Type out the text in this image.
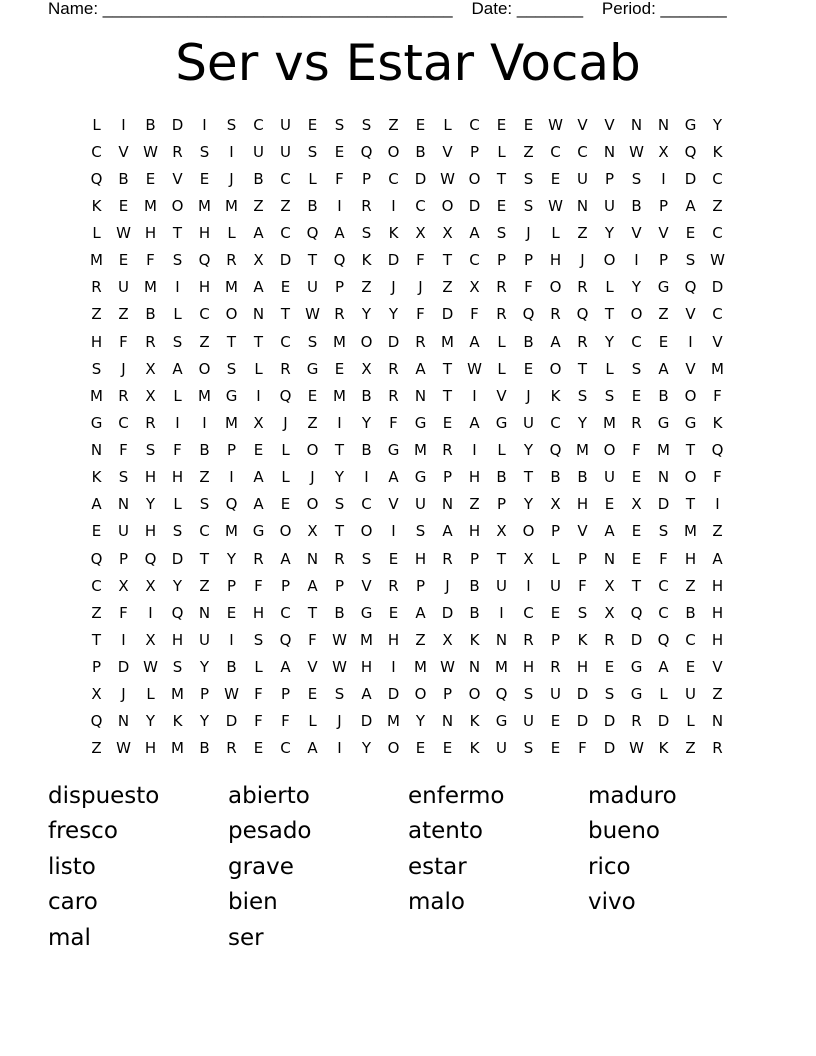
Name: _____________________________________    Date: _______    Period: _______
Ser vs Estar Vocab
L	I	B	D	I	S	C	U	E	S	S	Z	E	L	C	E	E W V	V	N	N	G	Y
C	V W R	S	I	U	U	S	E	Q	O	B	V	P	L	Z	C	C	N W X	Q	K
Q	B	E	V	E	J	B	C	L	F	P	C	D W O	T	S	E	U	P	S	I	D	C
K	E	M O M M	Z	Z	B	I	R	I	C	O	D	E	S W N	U	B	P	A	Z
L	W H	T	H	L	A	C	Q	A	S	K	X	X	A	S	J	L	Z	Y	V	V	E	C
M	E	F	S	Q	R	X	D	T	Q	K	D	F	T	C	P	P	H	J	O	I	P	S W
R	U	M	I	H M	A	E	U	P	Z	J	J	Z	X	R	F	O	R	L	Y	G	Q	D
Z	Z	B	L	C	O	N	T	W R	Y	Y	F	D	F	R	Q	R	Q	T	O	Z	V	C
H	F	R	S	Z	T	T	C	S	M O	D	R	M	A	L	B	A	R	Y	C	E	I	V
S	J	X	A	O	S	L	R	G	E	X	R	A	T	W	L	E	O	T	L	S	A	V	M
M	R	X	L	M G	I	Q	E	M	B	R	N	T	I	V	J	K	S	S	E	B	O	F
G	C	R	I	I	M	X	J	Z	I	Y	F	G	E	A	G	U	C	Y	M	R	G	G	K
N	F	S	F	B	P	E	L	O	T	B	G M	R	I	L	Y	Q M O	F	M	T	Q
K	S	H	H	Z	I	A	L	J	Y	I	A	G	P	H	B	T	B	B	U	E	N	O	F
A	N	Y	L	S	Q	A	E	O	S	C	V	U	N	Z	P	Y	X	H	E	X	D	T	I
E	U	H	S	C	M G	O	X	T	O	I	S	A	H	X	O	P	V	A	E	S	M	Z
Q	P	Q	D	T	Y	R	A	N	R	S	E	H	R	P	T	X	L	P	N	E	F	H	A
C	X	X	Y	Z	P	F	P	A	P	V	R	P	J	B	U	I	U	F	X	T	C	Z	H
Z	F	I	Q	N	E	H	C	T	B	G	E	A	D	B	I	C	E	S	X	Q	C	B	H
T	I	X	H	U	I	S	Q	F	W M H	Z	X	K	N	R	P	K	R	D	Q	C	H
P	D W S	Y	B	L	A	V W H	I	M W N M H	R	H	E	G	A	E	V
X	J	L	M	P	W	F	P	E	S	A	D	O	P	O	Q	S	U	D	S	G	L	U	Z
Q	N	Y	K	Y	D	F	F	L	J	D M	Y	N	K	G	U	E	D	D	R	D	L	N
Z W H M	B	R	E	C	A	I	Y	O	E	E	K	U	S	E	F	D W K	Z	R
dispuesto	abierto	enfermo	maduro
fresco	pesado	atento	bueno
listo	grave	estar	rico
caro	bien	malo	vivo
mal	ser
